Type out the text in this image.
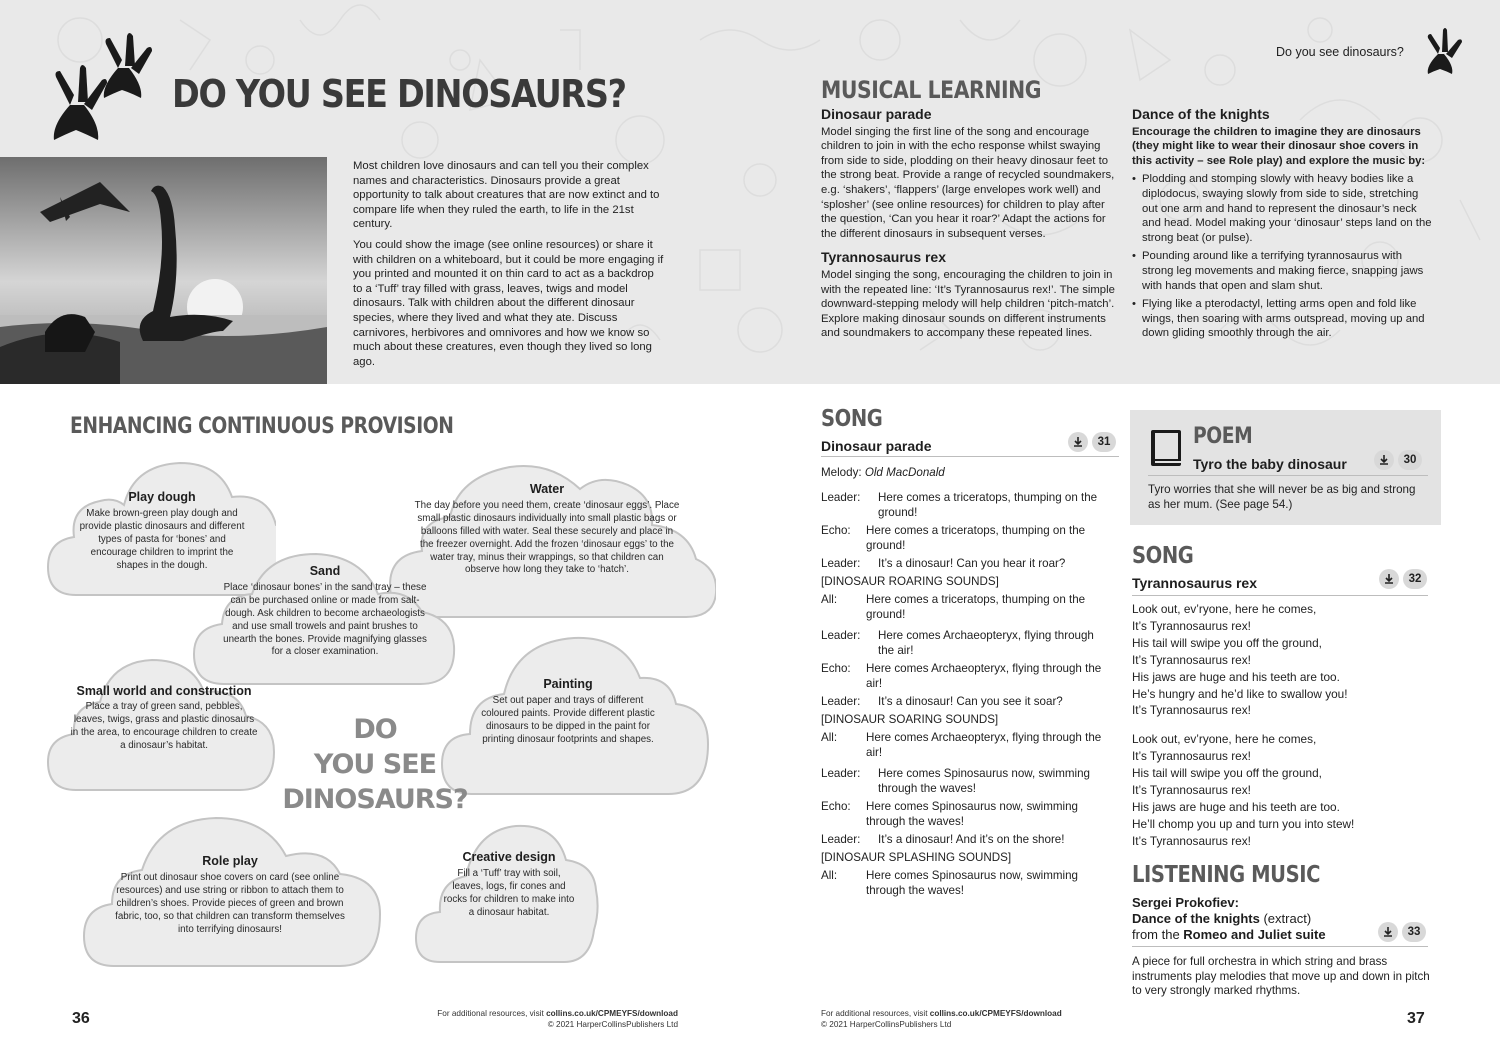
DO YOU SEE DINOSAURS?

Most children love dinosaurs and can tell you their complex names and characteristics. Dinosaurs provide a great opportunity to talk about creatures that are now extinct and to compare life when they ruled the earth, to life in the 21st century.

You could show the image (see online resources) or share it with children on a whiteboard, but it could be more engaging if you printed and mounted it on thin card to act as a backdrop to a ‘Tuff’ tray filled with grass, leaves, twigs and model dinosaurs. Talk with children about the different dinosaur species, where they lived and what they ate. Discuss carnivores, herbivores and omnivores and how we know so much about these creatures, even though they lived so long ago.

Do you see dinosaurs?
MUSICAL LEARNING
Dinosaur parade

Model singing the first line of the song and encourage children to join in with the echo response whilst swaying from side to side, plodding on their heavy dinosaur feet to the strong beat. Provide a range of recycled soundmakers, e.g. ‘shakers’, ‘flappers’ (large envelopes work well) and ‘splosher’ (see online resources) for children to play after the question, ‘Can you hear it roar?’ Adapt the actions for the different dinosaurs in subsequent verses.

Tyrannosaurus rex

Model singing the song, encouraging the children to join in with the repeated line: ‘It’s Tyrannosaurus rex!’. The simple downward-stepping melody will help children ‘pitch-match’. Explore making dinosaur sounds on different instruments and soundmakers to accompany these repeated lines.

Dance of the knights

Encourage the children to imagine they are dinosaurs (they might like to wear their dinosaur shoe covers in this activity – see Role play) and explore the music by:

• Plodding and stomping slowly with heavy bodies like a diplodocus, swaying slowly from side to side, stretching out one arm and hand to represent the dinosaur’s neck and head. Model making your ‘dinosaur’ steps land on the strong beat (or pulse).
• Pounding around like a terrifying tyrannosaurus with strong leg movements and making fierce, snapping jaws with hands that open and slam shut.
• Flying like a pterodactyl, letting arms open and fold like wings, then soaring with arms outspread, moving up and down gliding smoothly through the air.
ENHANCING CONTINUOUS PROVISION
Play dough
Make brown-green play dough and provide plastic dinosaurs and different types of pasta for ‘bones’ and encourage children to imprint the shapes in the dough.
Water
The day before you need them, create ‘dinosaur eggs’. Place small plastic dinosaurs individually into small plastic bags or balloons filled with water. Seal these securely and place in the freezer overnight. Add the frozen ‘dinosaur eggs’ to the water tray, minus their wrappings, so that children can observe how long they take to ‘hatch’.
Sand
Place ‘dinosaur bones’ in the sand tray – these can be purchased online or made from salt-dough. Ask children to become archaeologists and use small trowels and paint brushes to unearth the bones. Provide magnifying glasses for a closer examination.
Small world and construction
Place a tray of green sand, pebbles, leaves, twigs, grass and plastic dinosaurs in the area, to encourage children to create a dinosaur’s habitat.
Painting
Set out paper and trays of different coloured paints. Provide different plastic dinosaurs to be dipped in the paint for printing dinosaur footprints and shapes.
DO
YOU SEE
DINOSAURS?
Role play
Print out dinosaur shoe covers on card (see online resources) and use string or ribbon to attach them to children’s shoes. Provide pieces of green and brown fabric, too, so that children can transform themselves into terrifying dinosaurs!
Creative design
Fill a ‘Tuff’ tray with soil, leaves, logs, fir cones and rocks for children to make into a dinosaur habitat.
SONG
Dinosaur parade	31
Melody: Old MacDonald
Leader:	Here comes a triceratops, thumping on the ground!
Echo:	Here comes a triceratops, thumping on the ground!
Leader:	It’s a dinosaur! Can you hear it roar?
[DINOSAUR ROARING SOUNDS]
All:	Here comes a triceratops, thumping on the ground!
Leader:	Here comes Archaeopteryx, flying through the air!
Echo:	Here comes Archaeopteryx, flying through the air!
Leader:	It’s a dinosaur! Can you see it soar?
[DINOSAUR SOARING SOUNDS]
All:	Here comes Archaeopteryx, flying through the air!
Leader:	Here comes Spinosaurus now, swimming through the waves!
Echo:	Here comes Spinosaurus now, swimming through the waves!
Leader:	It’s a dinosaur! And it’s on the shore!
[DINOSAUR SPLASHING SOUNDS]
All:	Here comes Spinosaurus now, swimming through the waves!
POEM
Tyro the baby dinosaur	30
Tyro worries that she will never be as big and strong as her mum. (See page 54.)
SONG
Tyrannosaurus rex	32
Look out, ev’ryone, here he comes,
It’s Tyrannosaurus rex!
His tail will swipe you off the ground,
It’s Tyrannosaurus rex!
His jaws are huge and his teeth are too.
He’s hungry and he’d like to swallow you!
It’s Tyrannosaurus rex!
Look out, ev’ryone, here he comes,
It’s Tyrannosaurus rex!
His tail will swipe you off the ground,
It’s Tyrannosaurus rex!
His jaws are huge and his teeth are too.
He’ll chomp you up and turn you into stew!
It’s Tyrannosaurus rex!
LISTENING MUSIC
Sergei Prokofiev:
Dance of the knights (extract)
from the Romeo and Juliet suite	33
A piece for full orchestra in which string and brass instruments play melodies that move up and down in pitch to very strongly marked rhythms.
36	For additional resources, visit collins.co.uk/CPMEYFS/download
© 2021 HarperCollinsPublishers Ltd
For additional resources, visit collins.co.uk/CPMEYFS/download
© 2021 HarperCollinsPublishers Ltd	37
